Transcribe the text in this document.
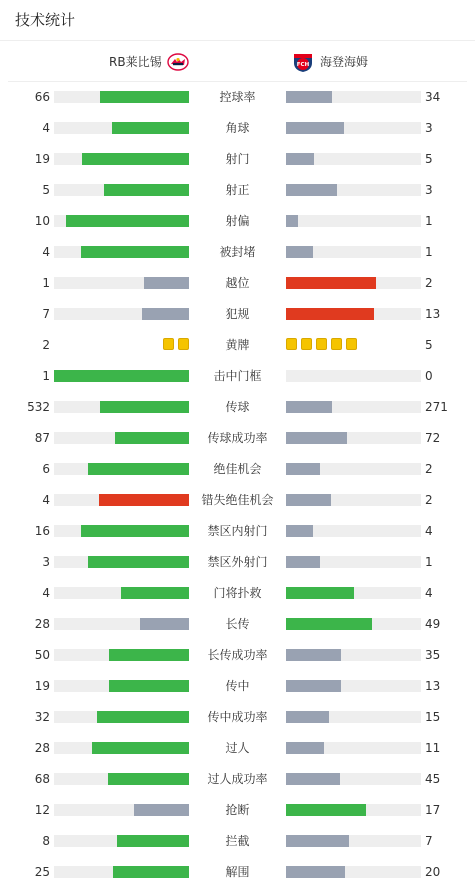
技术统计
RB莱比锡	FCH 海登海姆
66	控球率	34
4	角球	3
19	射门	5
5	射正	3
10	射偏	1
4	被封堵	1
1	越位	2
7	犯规	13
2	黄牌	5
1	击中门框	0
532	传球	271
87	传球成功率	72
6	绝佳机会	2
4	错失绝佳机会	2
16	禁区内射门	4
3	禁区外射门	1
4	门将扑救	4
28	长传	49
50	长传成功率	35
19	传中	13
32	传中成功率	15
28	过人	11
68	过人成功率	45
12	抢断	17
8	拦截	7
25	解围	20
